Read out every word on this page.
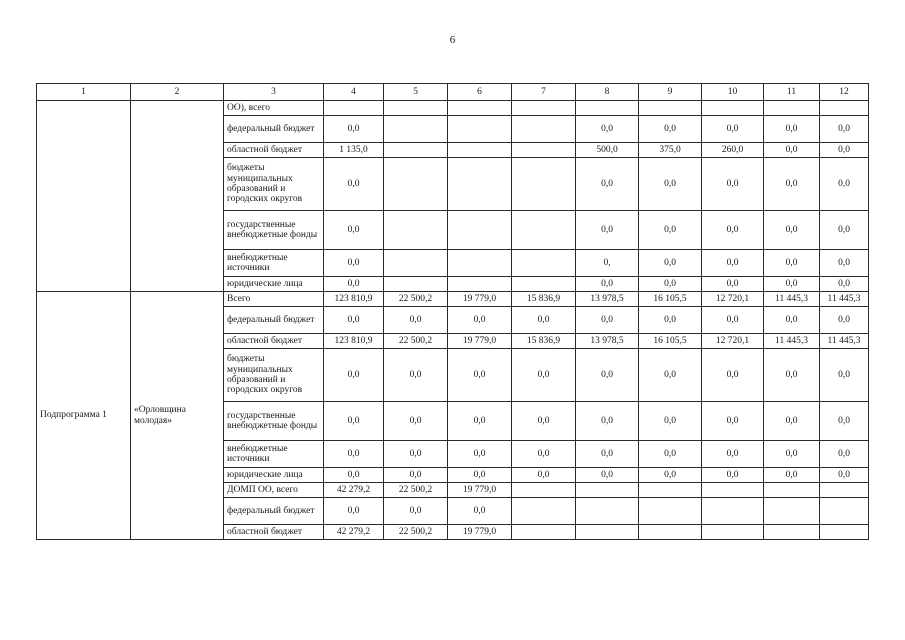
6
1	2	3	4	5	6	7	8	9	10	11	12
		ОО), всего									
		федеральный бюджет	0,0				0,0	0,0	0,0	0,0	0,0
		областной бюджет	1 135,0				500,0	375,0	260,0	0,0	0,0
		бюджеты муниципальных образований и городских округов	0,0				0,0	0,0	0,0	0,0	0,0
		государственные внебюджетные фонды	0,0				0,0	0,0	0,0	0,0	0,0
		внебюджетные источники	0,0				0,	0,0	0,0	0,0	0,0
		юридические лица	0,0				0,0	0,0	0,0	0,0	0,0
Подпрограмма 1	«Орловщина молодая»	Всего	123 810,9	22 500,2	19 779,0	15 836,9	13 978,5	16 105,5	12 720,1	11 445,3	11 445,3
		федеральный бюджет	0,0	0,0	0,0	0,0	0,0	0,0	0,0	0,0	0,0
		областной бюджет	123 810,9	22 500,2	19 779,0	15 836,9	13 978,5	16 105,5	12 720,1	11 445,3	11 445,3
		бюджеты муниципальных образований и городских округов	0,0	0,0	0,0	0,0	0,0	0,0	0,0	0,0	0,0
		государственные внебюджетные фонды	0,0	0,0	0,0	0,0	0,0	0,0	0,0	0,0	0,0
		внебюджетные источники	0,0	0,0	0,0	0,0	0,0	0,0	0,0	0,0	0,0
		юридические лица	0,0	0,0	0,0	0,0	0,0	0,0	0,0	0,0	0,0
		ДОМП ОО, всего	42 279,2	22 500,2	19 779,0						
		федеральный бюджет	0,0	0,0	0,0						
		областной бюджет	42 279,2	22 500,2	19 779,0						
